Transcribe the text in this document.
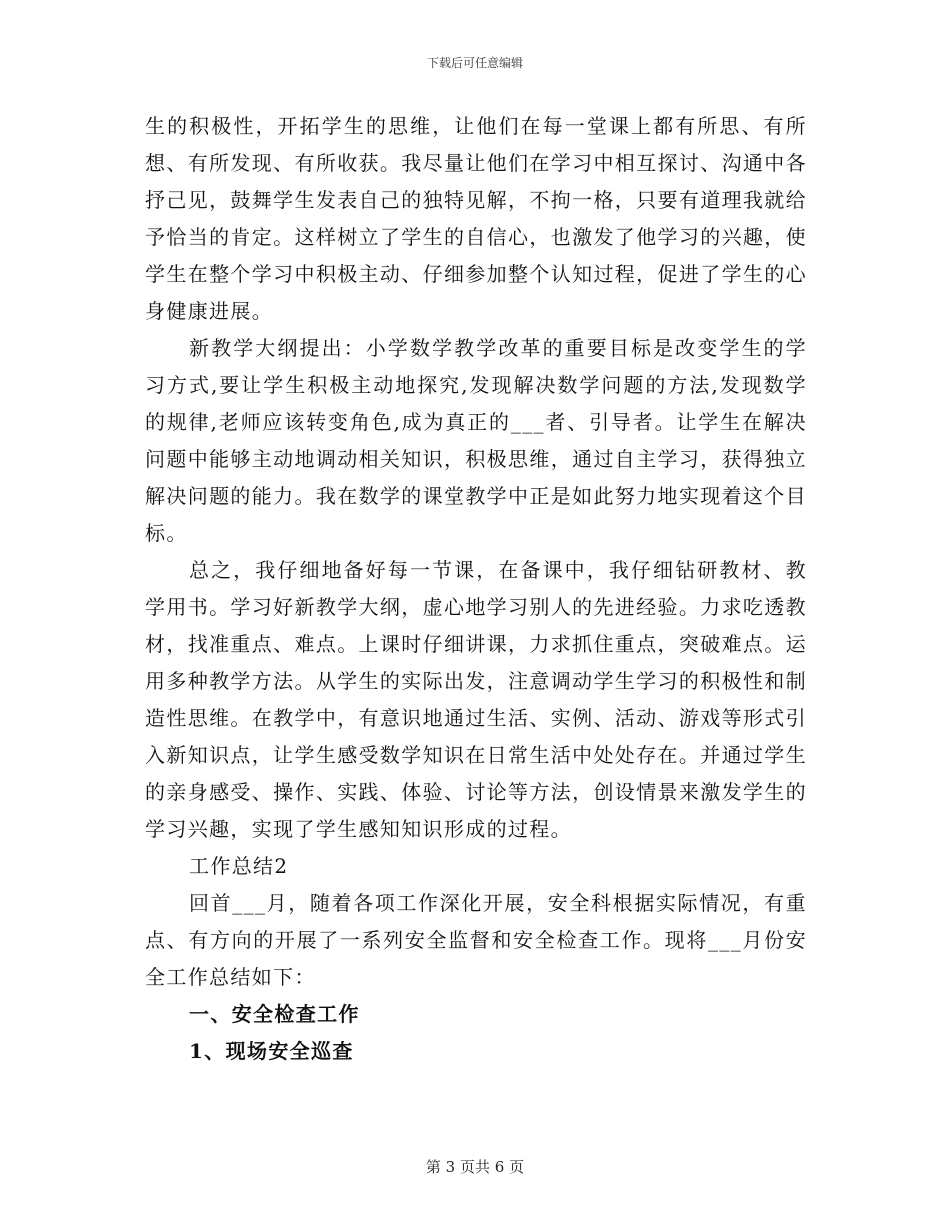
下载后可任意编辑

生的积极性，开拓学生的思维，让他们在每一堂课上都有所思、有所想、有所发现、有所收获。我尽量让他们在学习中相互探讨、沟通中各抒己见，鼓舞学生发表自己的独特见解，不拘一格，只要有道理我就给予恰当的肯定。这样树立了学生的自信心，也激发了他学习的兴趣，使学生在整个学习中积极主动、仔细参加整个认知过程，促进了学生的心身健康进展。

新教学大纲提出：小学数学教学改革的重要目标是改变学生的学习方式,要让学生积极主动地探究,发现解决数学问题的方法,发现数学的规律,老师应该转变角色,成为真正的___者、引导者。让学生在解决问题中能够主动地调动相关知识，积极思维，通过自主学习，获得独立解决问题的能力。我在数学的课堂教学中正是如此努力地实现着这个目标。

总之，我仔细地备好每一节课，在备课中，我仔细钻研教材、教学用书。学习好新教学大纲，虚心地学习别人的先进经验。力求吃透教材，找准重点、难点。上课时仔细讲课，力求抓住重点，突破难点。运用多种教学方法。从学生的实际出发，注意调动学生学习的积极性和制造性思维。在教学中，有意识地通过生活、实例、活动、游戏等形式引入新知识点，让学生感受数学知识在日常生活中处处存在。并通过学生的亲身感受、操作、实践、体验、讨论等方法，创设情景来激发学生的学习兴趣，实现了学生感知知识形成的过程。

工作总结2

回首___月，随着各项工作深化开展，安全科根据实际情况，有重点、有方向的开展了一系列安全监督和安全检查工作。现将___月份安全工作总结如下：

一、安全检查工作

1、现场安全巡查

第 3 页共 6 页
